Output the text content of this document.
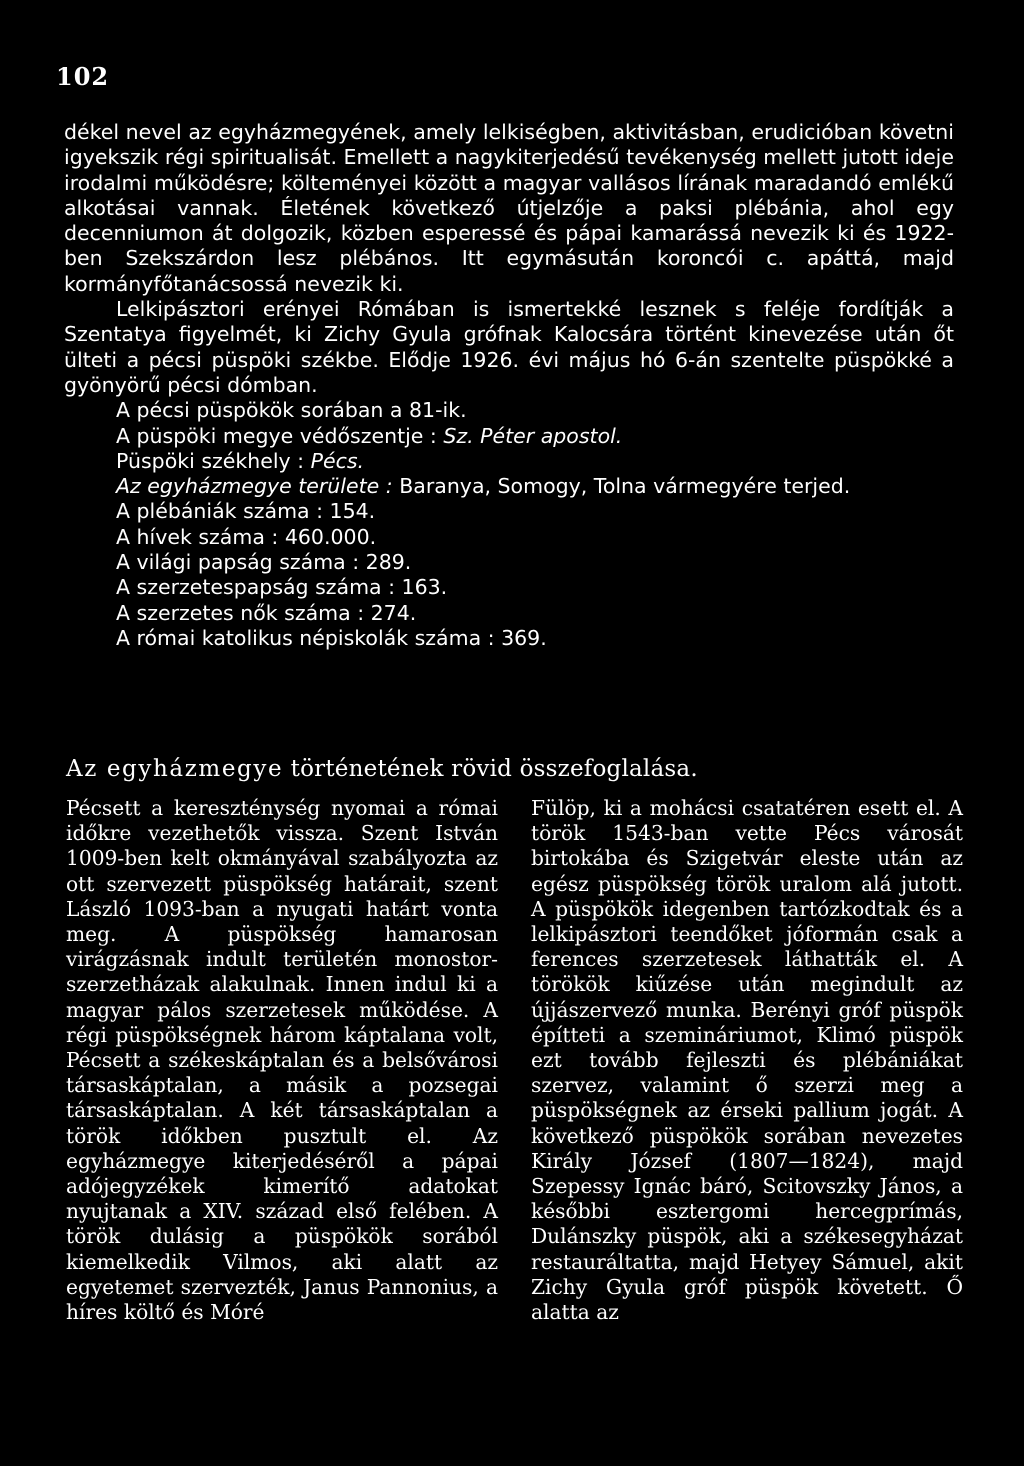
102

dékel nevel az egyházmegyének, amely lelkiségben, aktivitásban, erudicióban követni igyekszik régi spiritualisát. Emellett a nagykiterjedésű tevékenység mellett jutott ideje irodalmi működésre; költeményei között a magyar vallásos lírának maradandó emlékű alkotásai vannak. Életének következő útjelzője a paksi plébánia, ahol egy decenniumon át dolgozik, közben esperessé és pápai kamarássá nevezik ki és 1922-ben Szekszárdon lesz plébános. Itt egymásután koroncói c. apáttá, majd kormányfőtanácsossá nevezik ki.

Lelkipásztori erényei Rómában is ismertekké lesznek s feléje fordítják a Szentatya figyelmét, ki Zichy Gyula grófnak Kalocsára történt kinevezése után őt ülteti a pécsi püspöki székbe. Elődje 1926. évi május hó 6-án szentelte püspökké a gyönyörű pécsi dómban.

A pécsi püspökök sorában a 81-ik.

A püspöki megye védőszentje : Sz. Péter apostol.

Püspöki székhely : Pécs.

Az egyházmegye területe : Baranya, Somogy, Tolna vármegyére terjed.

A plébániák száma : 154.

A hívek száma : 460.000.

A világi papság száma : 289.

A szerzetespapság száma : 163.

A szerzetes nők száma : 274.

A római katolikus népiskolák száma : 369.

Az egyházmegye történetének rövid összefoglalása.

Pécsett a kereszténység nyomai a római időkre vezethetők vissza. Szent István 1009-ben kelt okmányával szabályozta az ott szervezett püspökség határait, szent László 1093-ban a nyugati határt vonta meg. A püspökség hamarosan virágzásnak indult területén monostor-szerzetházak alakulnak. Innen indul ki a magyar pálos szerzetesek működése. A régi püspökségnek három káptalana volt, Pécsett a székeskáptalan és a belsővárosi társaskáptalan, a másik a pozsegai társaskáptalan. A két társaskáptalan a török időkben pusztult el. Az egyházmegye kiterjedéséről a pápai adójegyzékek kimerítő adatokat nyujtanak a XIV. század első felében. A török dulásig a püspökök sorából kiemelkedik Vilmos, aki alatt az egyetemet szervezték, Janus Pannonius, a híres költő és Móré

Fülöp, ki a mohácsi csatatéren esett el. A török 1543-ban vette Pécs városát birtokába és Szigetvár eleste után az egész püspökség török uralom alá jutott. A püspökök idegenben tartózkodtak és a lelkipásztori teendőket jóformán csak a ferences szerzetesek láthatták el. A törökök kiűzése után megindult az újjászervező munka. Berényi gróf püspök építteti a szemináriumot, Klimó püspök ezt tovább fejleszti és plébániákat szervez, valamint ő szerzi meg a püspökségnek az érseki pallium jogát. A következő püspökök sorában nevezetes Király József (1807—1824), majd Szepessy Ignác báró, Scitovszky János, a későbbi esztergomi hercegprímás, Dulánszky püspök, aki a székesegyházat restauráltatta, majd Hetyey Sámuel, akit Zichy Gyula gróf püspök követett. Ő alatta az
